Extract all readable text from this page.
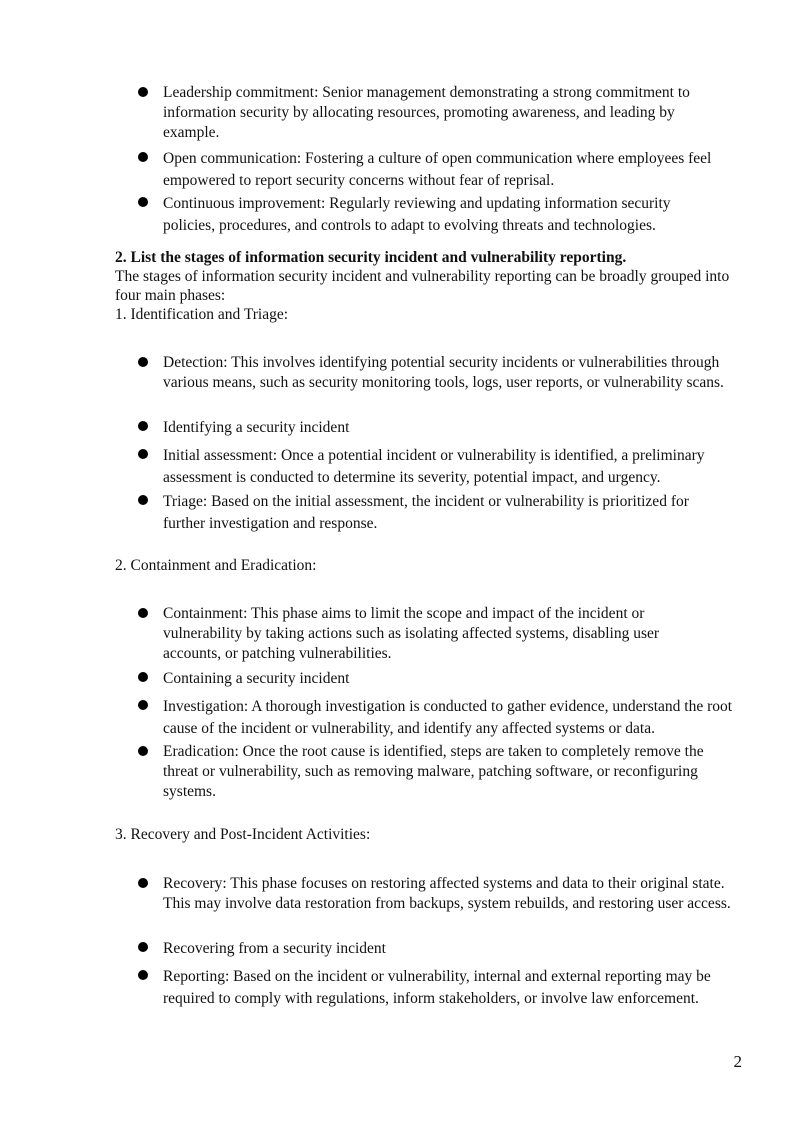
Leadership commitment: Senior management demonstrating a strong commitment to information security by allocating resources, promoting awareness, and leading by example.
Open communication: Fostering a culture of open communication where employees feel empowered to report security concerns without fear of reprisal.
Continuous improvement: Regularly reviewing and updating information security policies, procedures, and controls to adapt to evolving threats and technologies.
2. List the stages of information security incident and vulnerability reporting.
The stages of information security incident and vulnerability reporting can be broadly grouped into four main phases:
1. Identification and Triage:
Detection: This involves identifying potential security incidents or vulnerabilities through various means, such as security monitoring tools, logs, user reports, or vulnerability scans.
Identifying a security incident
Initial assessment: Once a potential incident or vulnerability is identified, a preliminary assessment is conducted to determine its severity, potential impact, and urgency.
Triage: Based on the initial assessment, the incident or vulnerability is prioritized for further investigation and response.
2. Containment and Eradication:
Containment: This phase aims to limit the scope and impact of the incident or vulnerability by taking actions such as isolating affected systems, disabling user accounts, or patching vulnerabilities.
Containing a security incident
Investigation: A thorough investigation is conducted to gather evidence, understand the root cause of the incident or vulnerability, and identify any affected systems or data.
Eradication: Once the root cause is identified, steps are taken to completely remove the threat or vulnerability, such as removing malware, patching software, or reconfiguring systems.
3. Recovery and Post-Incident Activities:
Recovery: This phase focuses on restoring affected systems and data to their original state. This may involve data restoration from backups, system rebuilds, and restoring user access.
Recovering from a security incident
Reporting: Based on the incident or vulnerability, internal and external reporting may be required to comply with regulations, inform stakeholders, or involve law enforcement.
2
